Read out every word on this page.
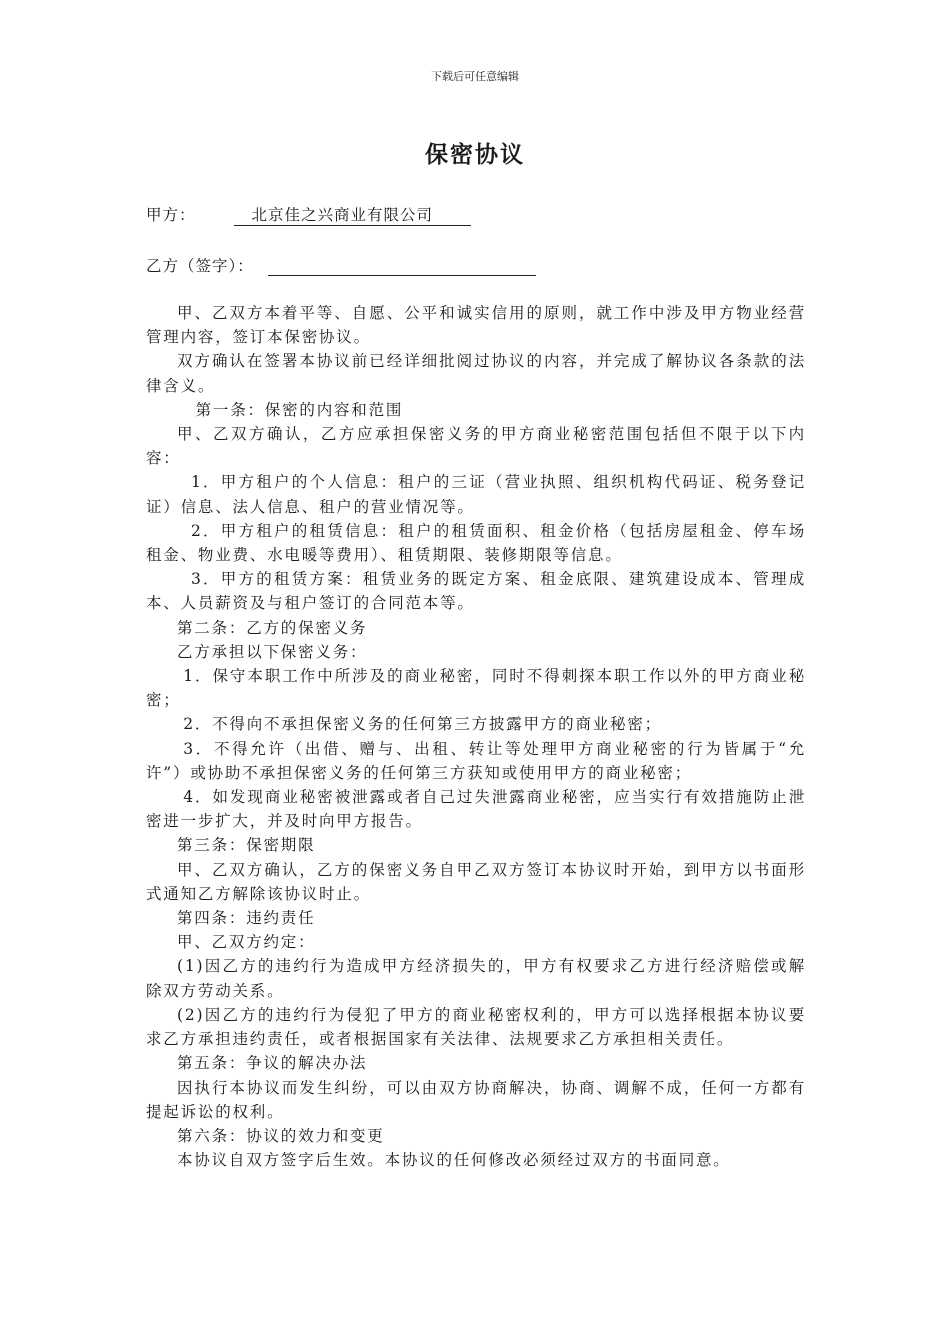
下载后可任意编辑
保密协议
甲方：	北京佳之兴商业有限公司
乙方（签字）：

甲、乙双方本着平等、自愿、公平和诚实信用的原则，就工作中涉及甲方物业经营管理内容，签订本保密协议。

双方确认在签署本协议前已经详细批阅过协议的内容，并完成了解协议各条款的法律含义。

第一条：保密的内容和范围

甲、乙双方确认，乙方应承担保密义务的甲方商业秘密范围包括但不限于以下内容：

1．甲方租户的个人信息：租户的三证（营业执照、组织机构代码证、税务登记证）信息、法人信息、租户的营业情况等。

2．甲方租户的租赁信息：租户的租赁面积、租金价格（包括房屋租金、停车场租金、物业费、水电暖等费用）、租赁期限、装修期限等信息。

3．甲方的租赁方案：租赁业务的既定方案、租金底限、建筑建设成本、管理成本、人员薪资及与租户签订的合同范本等。

第二条：乙方的保密义务

乙方承担以下保密义务：

1．保守本职工作中所涉及的商业秘密，同时不得刺探本职工作以外的甲方商业秘密；

2．不得向不承担保密义务的任何第三方披露甲方的商业秘密；

3．不得允许（出借、赠与、出租、转让等处理甲方商业秘密的行为皆属于“允许”）或协助不承担保密义务的任何第三方获知或使用甲方的商业秘密；

4．如发现商业秘密被泄露或者自己过失泄露商业秘密，应当实行有效措施防止泄密进一步扩大，并及时向甲方报告。

第三条：保密期限

甲、乙双方确认，乙方的保密义务自甲乙双方签订本协议时开始，到甲方以书面形式通知乙方解除该协议时止。

第四条：违约责任

甲、乙双方约定：

(1)因乙方的违约行为造成甲方经济损失的，甲方有权要求乙方进行经济赔偿或解除双方劳动关系。

(2)因乙方的违约行为侵犯了甲方的商业秘密权利的，甲方可以选择根据本协议要求乙方承担违约责任，或者根据国家有关法律、法规要求乙方承担相关责任。

第五条：争议的解决办法

因执行本协议而发生纠纷，可以由双方协商解决，协商、调解不成，任何一方都有提起诉讼的权利。

第六条：协议的效力和变更

本协议自双方签字后生效。本协议的任何修改必须经过双方的书面同意。
